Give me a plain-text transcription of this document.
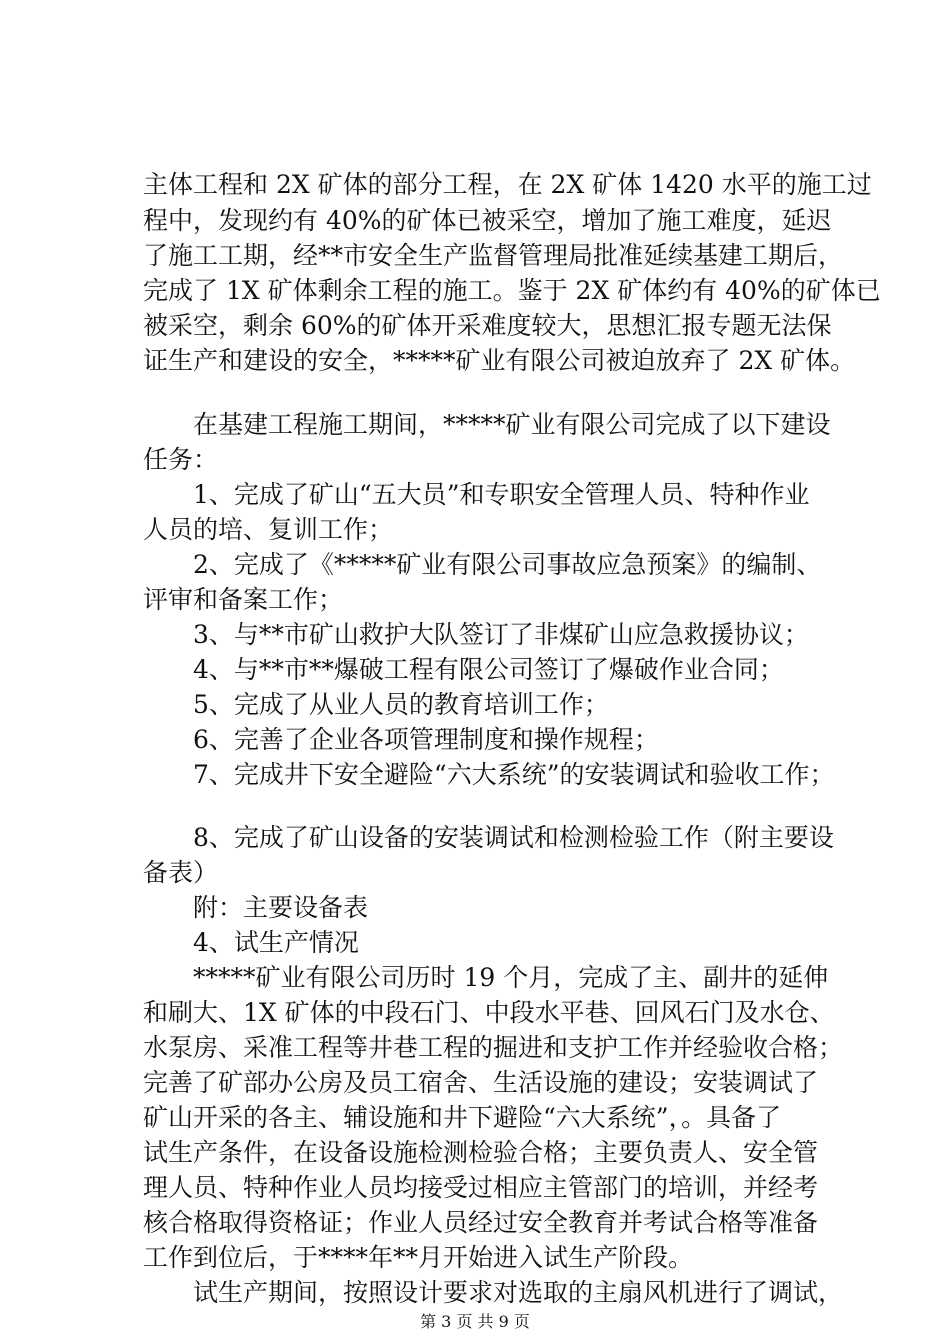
主体工程和 2X 矿体的部分工程，在 2X 矿体 1420 水平的施工过
程中，发现约有 40%的矿体已被采空，增加了施工难度，延迟
了施工工期，经**市安全生产监督管理局批准延续基建工期后，
完成了 1X 矿体剩余工程的施工。鉴于 2X 矿体约有 40%的矿体已
被采空，剩余 60%的矿体开采难度较大，思想汇报专题无法保
证生产和建设的安全，*****矿业有限公司被迫放弃了 2X 矿体。
　　在基建工程施工期间，*****矿业有限公司完成了以下建设
任务：
　　1、完成了矿山“五大员”和专职安全管理人员、特种作业
人员的培、复训工作；
　　2、完成了《*****矿业有限公司事故应急预案》的编制、
评审和备案工作；
　　3、与**市矿山救护大队签订了非煤矿山应急救援协议；
　　4、与**市**爆破工程有限公司签订了爆破作业合同；
　　5、完成了从业人员的教育培训工作；
　　6、完善了企业各项管理制度和操作规程；
　　7、完成井下安全避险“六大系统”的安装调试和验收工作；
　　8、完成了矿山设备的安装调试和检测检验工作（附主要设
备表）
　　附：主要设备表
　　4、试生产情况
　　*****矿业有限公司历时 19 个月，完成了主、副井的延伸
和刷大、1X 矿体的中段石门、中段水平巷、回风石门及水仓、
水泵房、采准工程等井巷工程的掘进和支护工作并经验收合格；
完善了矿部办公房及员工宿舍、生活设施的建设；安装调试了
矿山开采的各主、辅设施和井下避险“六大系统”，。具备了
试生产条件，在设备设施检测检验合格；主要负责人、安全管
理人员、特种作业人员均接受过相应主管部门的培训，并经考
核合格取得资格证；作业人员经过安全教育并考试合格等准备
工作到位后，于****年**月开始进入试生产阶段。
　　试生产期间，按照设计要求对选取的主扇风机进行了调试，
第 3 页 共 9 页
